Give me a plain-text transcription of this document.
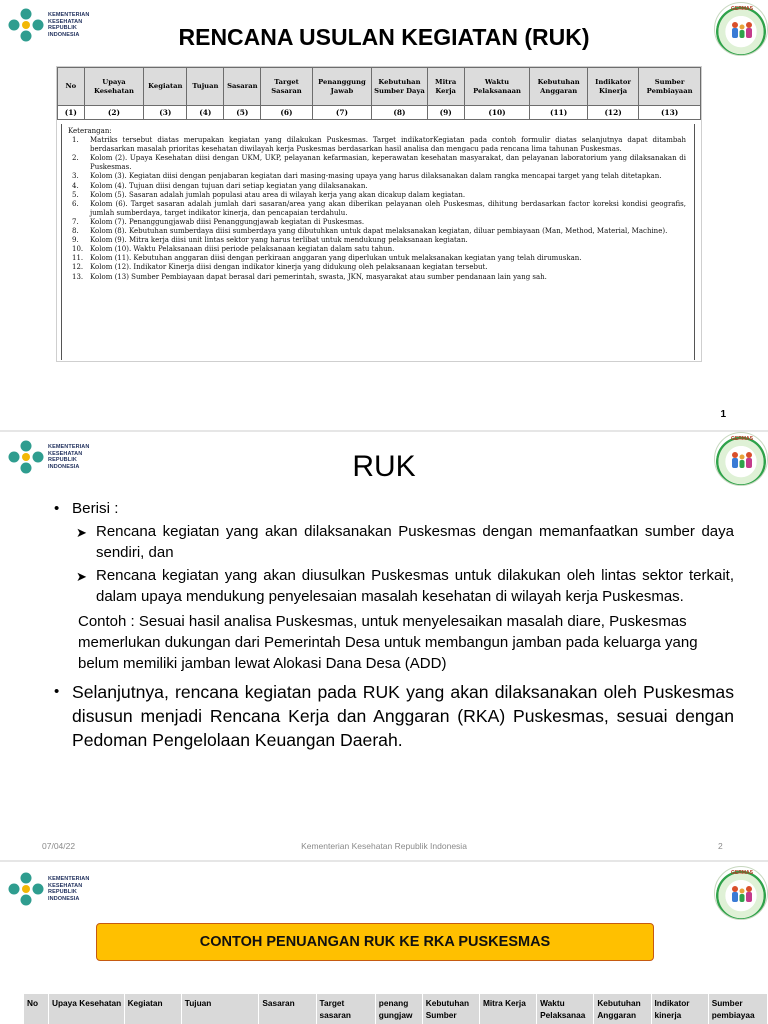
KEMENTERIAN
KESEHATAN
REPUBLIK
INDONESIA
GERMAS
RENCANA USULAN KEGIATAN (RUK)
No	Upaya Kesehatan	Kegiatan	Tujuan	Sasaran	Target Sasaran	Penanggung Jawab	Kebutuhan Sumber Daya	Mitra Kerja	Waktu Pelaksanaan	Kebutuhan Anggaran	Indikator Kinerja	Sumber Pembiayaan
(1)	(2)	(3)	(4)	(5)	(6)	(7)	(8)	(9)	(10)	(11)	(12)	(13)
Keterangan:
1.	Matriks tersebut diatas merupakan kegiatan yang dilakukan Puskesmas. Target indikatorKegiatan pada contoh formulir diatas selanjutnya dapat ditambah berdasarkan masalah prioritas kesehatan diwilayah kerja Puskesmas berdasarkan hasil analisa dan mengacu pada rencana lima tahunan Puskesmas.
2.	Kolom (2). Upaya Kesehatan diisi dengan UKM, UKP, pelayanan kefarmasian, keperawatan kesehatan masyarakat, dan pelayanan laboratorium yang dilaksanakan di Puskesmas.
3.	Kolom (3). Kegiatan diisi dengan penjabaran kegiatan dari masing-masing upaya yang harus dilaksanakan dalam rangka mencapai target yang telah ditetapkan.
4.	Kolom (4). Tujuan diisi dengan tujuan dari setiap kegiatan yang dilaksanakan.
5.	Kolom (5). Sasaran adalah jumlah populasi atau area di wilayah kerja yang akan dicakup dalam kegiatan.
6.	Kolom (6). Target sasaran adalah jumlah dari sasaran/area yang akan diberikan pelayanan oleh Puskesmas, dihitung berdasarkan factor koreksi kondisi geografis, jumlah sumberdaya, target indikator kinerja, dan pencapaian terdahulu.
7.	Kolom (7). Penanggungjawab diisi Penanggungjawab kegiatan di Puskesmas.
8.	Kolom (8). Kebutuhan sumberdaya diisi sumberdaya yang dibutuhkan untuk dapat melaksanakan kegiatan, diluar pembiayaan (Man, Method, Material, Machine).
9.	Kolom (9). Mitra kerja diisi unit lintas sektor yang harus terlibat untuk mendukung pelaksanaan kegiatan.
10. Kolom (10). Waktu Pelaksanaan diisi periode pelaksanaan kegiatan dalam satu tahun.
11. Kolom (11). Kebutuhan anggaran diisi dengan perkiraan anggaran yang diperlukan untuk melaksanakan kegiatan yang telah dirumuskan.
12. Kolom (12). Indikator Kinerja diisi dengan indikator kinerja yang didukung oleh pelaksanaan kegiatan tersebut.
13. Kolom (13) Sumber Pembiayaan dapat berasal dari pemerintah, swasta, JKN, masyarakat atau sumber pendanaan lain yang sah.
1
KEMENTERIAN
KESEHATAN
REPUBLIK
INDONESIA
GERMAS
RUK
• Berisi :
➤ Rencana kegiatan yang akan dilaksanakan Puskesmas dengan memanfaatkan sumber daya sendiri, dan
➤ Rencana kegiatan yang akan diusulkan Puskesmas untuk dilakukan oleh lintas sektor terkait, dalam upaya mendukung penyelesaian masalah kesehatan di wilayah kerja Puskesmas.
Contoh : Sesuai hasil analisa Puskesmas, untuk menyelesaikan masalah diare, Puskesmas memerlukan dukungan dari Pemerintah Desa untuk membangun jamban pada keluarga yang belum memiliki jamban lewat Alokasi Dana Desa (ADD)
• Selanjutnya, rencana kegiatan pada RUK yang akan dilaksanakan oleh Puskesmas disusun menjadi Rencana Kerja dan Anggaran (RKA) Puskesmas, sesuai dengan Pedoman Pengelolaan Keuangan Daerah.
07/04/22	Kementerian Kesehatan Republik Indonesia	2
KEMENTERIAN
KESEHATAN
REPUBLIK
INDONESIA
GERMAS
CONTOH PENUANGAN RUK KE RKA PUSKESMAS
No	Upaya Kesehatan	Kegiatan	Tujuan	Sasaran	Target sasaran	penang gungjaw	Kebutuhan Sumber	Mitra Kerja	Waktu Pelaksanaa	Kebutuhan Anggaran	Indikator kinerja	Sumber pembiayaa
